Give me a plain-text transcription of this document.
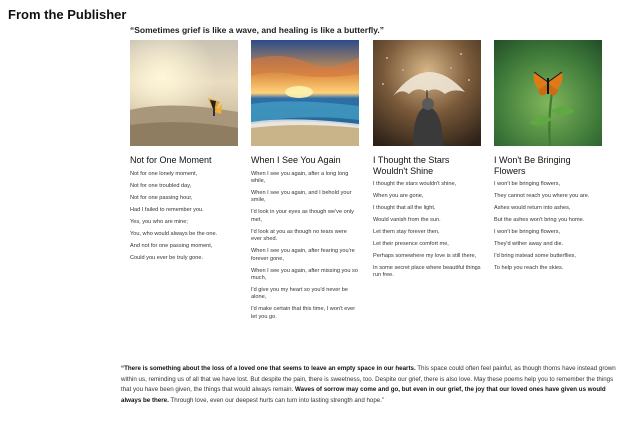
From the Publisher
“Sometimes grief is like a wave, and healing is like a butterfly.”
Not for One Moment
Not for one lonely moment,
Not for one troubled day,
Not for one passing hour,
Had I failed to remember you.
Yes, you who are mine;
You, who would always be the one.
And not for one passing moment,
Could you ever be truly gone.
When I See You Again
When I see you again, after a long long while,
When I see you again, and I behold your smile,
I'd look in your eyes as though we've only met,
I'd look at you as though no tears were ever shed.
When I see you again, after fearing you're forever gone,
When I see you again, after missing you so much,
I'd give you my heart so you'd never be alone,
I'd make certain that this time, I won't ever let you go.
I Thought the Stars Wouldn't Shine
I thought the stars wouldn't shine,
When you are gone,
I thought that all the light,
Would vanish from the sun.
Let them stay forever then,
Let their presence comfort me,
Perhaps somewhere my love is still there,
In some secret place where beautiful things run free.
I Won't Be Bringing Flowers
I won't be bringing flowers,
They cannot reach you where you are.
Ashes would return into ashes,
But the ashes won't bring you home.
I won't be bringing flowers,
They'd wither away and die.
I'd bring instead some butterflies,
To help you reach the skies.
“There is something about the loss of a loved one that seems to leave an empty space in our hearts. This space could often feel painful, as though thorns have instead grown within us, reminding us of all that we have lost. But despite the pain, there is sweetness, too. Despite our grief, there is also love. May these poems help you to remember the things that you have been given, the things that would always remain. Waves of sorrow may come and go, but even in our grief, the joy that our loved ones have given us would always be there. Through love, even our deepest hurts can turn into lasting strength and hope.”
